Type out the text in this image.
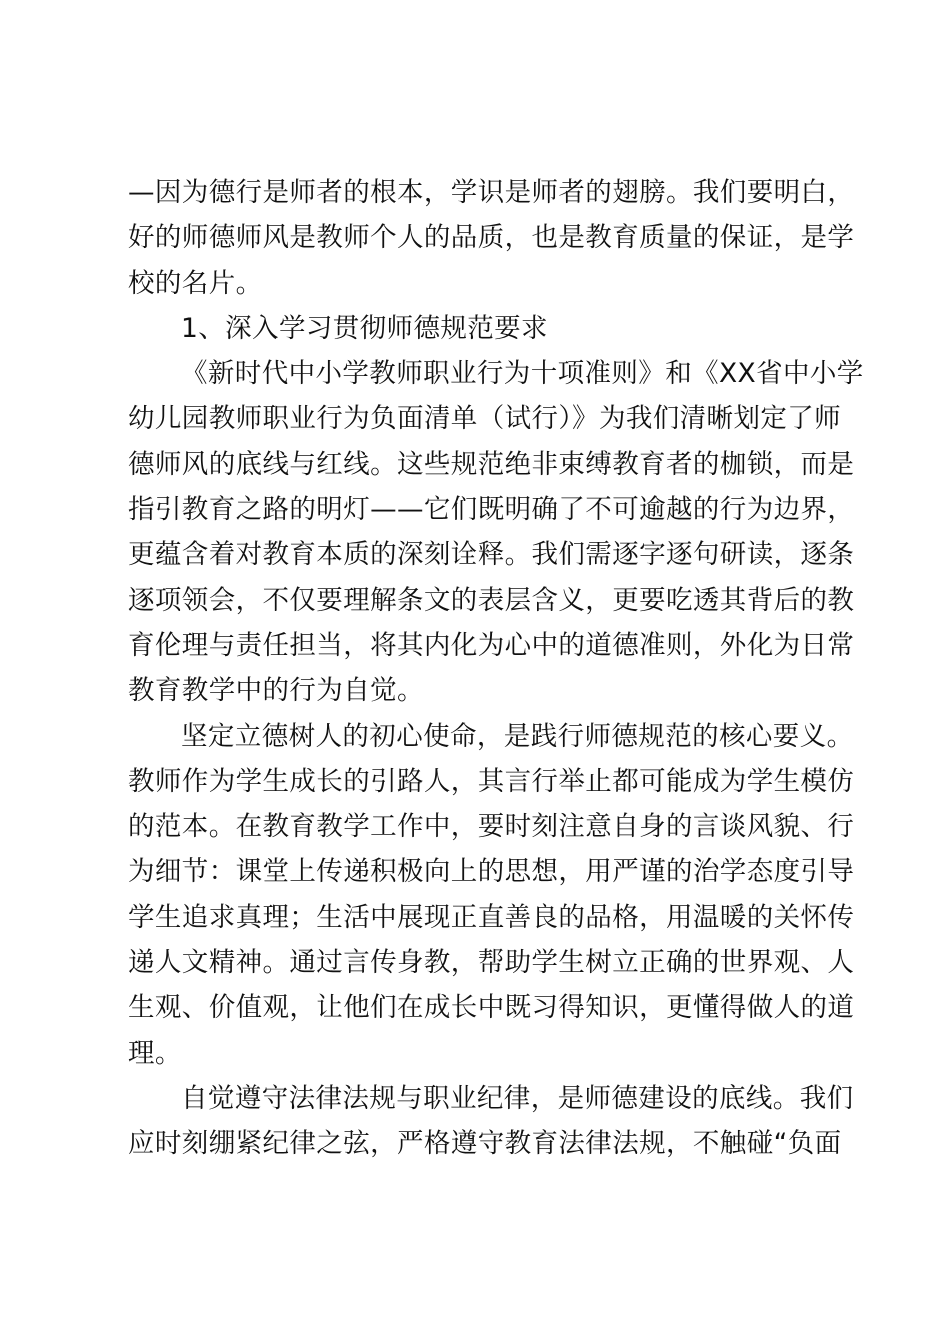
—因为德行是师者的根本，学识是师者的翅膀。我们要明白，
好的师德师风是教师个人的品质，也是教育质量的保证，是学
校的名片。
1、深入学习贯彻师德规范要求
《新时代中小学教师职业行为十项准则》和《XX省中小学
幼儿园教师职业行为负面清单（试行）》为我们清晰划定了师
德师风的底线与红线。这些规范绝非束缚教育者的枷锁，而是
指引教育之路的明灯——它们既明确了不可逾越的行为边界，
更蕴含着对教育本质的深刻诠释。我们需逐字逐句研读，逐条
逐项领会，不仅要理解条文的表层含义，更要吃透其背后的教
育伦理与责任担当，将其内化为心中的道德准则，外化为日常
教育教学中的行为自觉。
坚定立德树人的初心使命，是践行师德规范的核心要义。
教师作为学生成长的引路人，其言行举止都可能成为学生模仿
的范本。在教育教学工作中，要时刻注意自身的言谈风貌、行
为细节：课堂上传递积极向上的思想，用严谨的治学态度引导
学生追求真理；生活中展现正直善良的品格，用温暖的关怀传
递人文精神。通过言传身教，帮助学生树立正确的世界观、人
生观、价值观，让他们在成长中既习得知识，更懂得做人的道
理。
自觉遵守法律法规与职业纪律，是师德建设的底线。我们
应时刻绷紧纪律之弦，严格遵守教育法律法规，不触碰“负面
